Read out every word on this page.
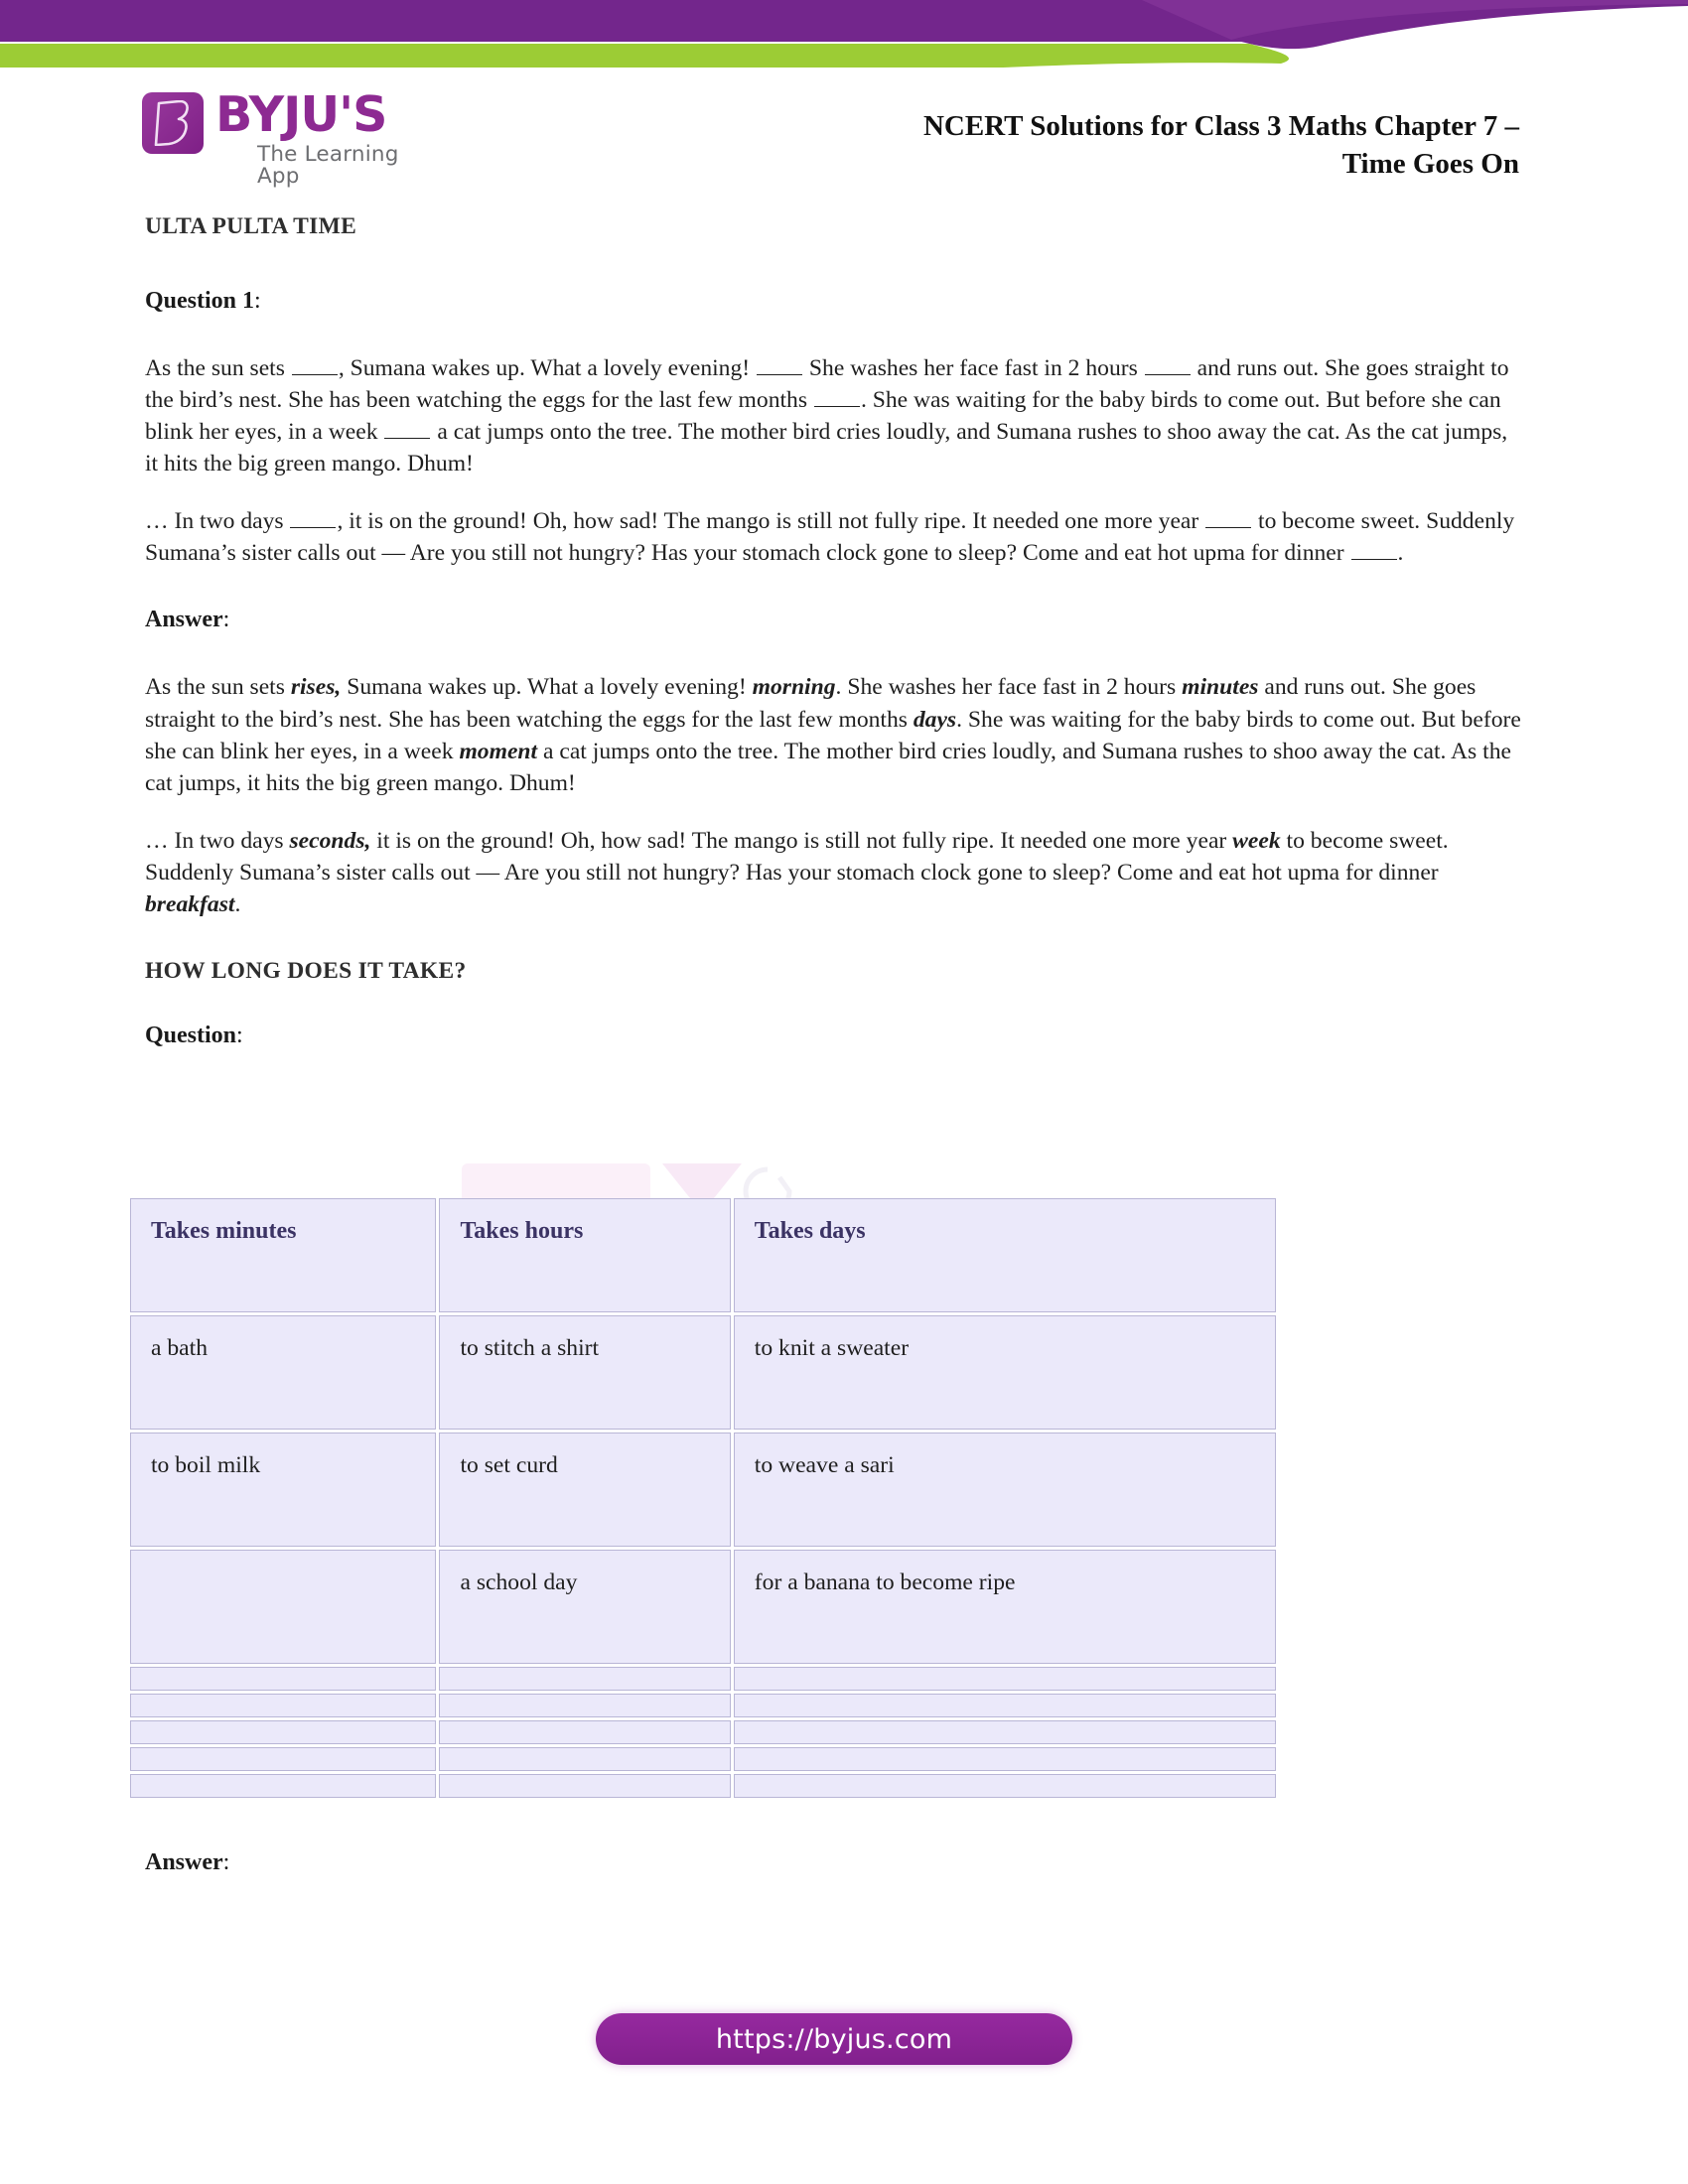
BYJU'S
The Learning App
NCERT Solutions for Class 3 Maths Chapter 7 –
Time Goes On
ULTA PULTA TIME
Question 1:

As the sun sets , Sumana wakes up. What a lovely evening!  She washes her face fast in 2 hours  and runs out. She goes straight to the bird’s nest. She has been watching the eggs for the last few months . She was waiting for the baby birds to come out. But before she can blink her eyes, in a week  a cat jumps onto the tree. The mother bird cries loudly, and Sumana rushes to shoo away the cat. As the cat jumps, it hits the big green mango. Dhum!

… In two days , it is on the ground! Oh, how sad! The mango is still not fully ripe. It needed one more year  to become sweet. Suddenly Sumana’s sister calls out — Are you still not hungry? Has your stomach clock gone to sleep? Come and eat hot upma for dinner .

Answer:

As the sun sets rises, Sumana wakes up. What a lovely evening! morning. She washes her face fast in 2 hours minutes and runs out. She goes straight to the bird’s nest. She has been watching the eggs for the last few months days. She was waiting for the baby birds to come out. But before she can blink her eyes, in a week moment a cat jumps onto the tree. The mother bird cries loudly, and Sumana rushes to shoo away the cat. As the cat jumps, it hits the big green mango. Dhum!

… In two days seconds, it is on the ground! Oh, how sad! The mango is still not fully ripe. It needed one more year week to become sweet. Suddenly Sumana’s sister calls out — Are you still not hungry? Has your stomach clock gone to sleep? Come and eat hot upma for dinner breakfast.

HOW LONG DOES IT TAKE?
Question:
Takes minutes	Takes hours	Takes days
a bath	to stitch a shirt	to knit a sweater
to boil milk	to set curd	to weave a sari
	a school day	for a banana to become ripe

Answer:
https://byjus.com
